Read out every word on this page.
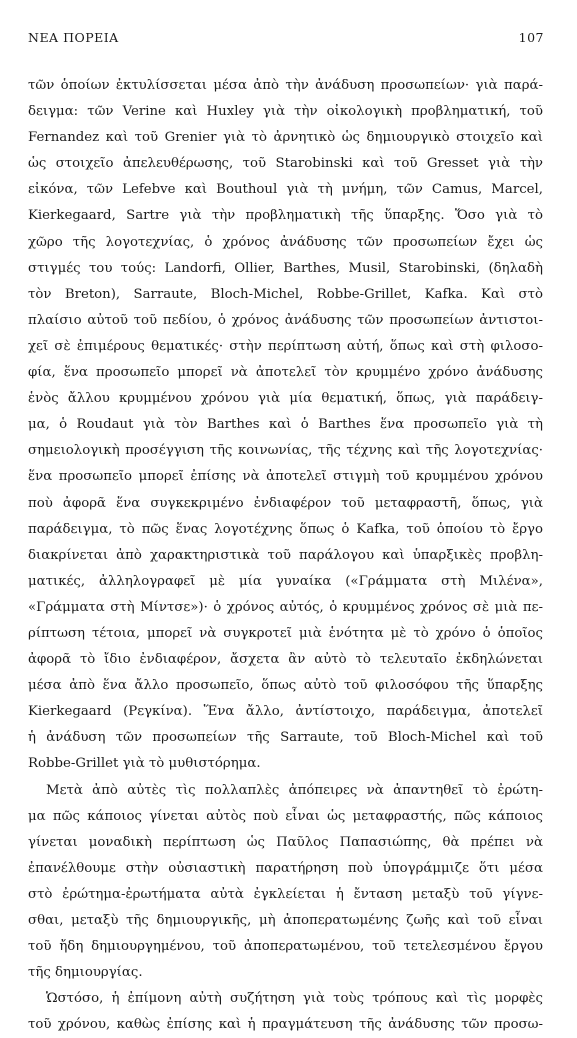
ΝΕΑ ΠΟΡΕΙΑ	107
τῶν ὁποίων ἐκτυλίσσεται μέσα ἀπὸ τὴν ἀνάδυση προσωπείων· γιὰ παρά-
δειγμα: τῶν Verine καὶ Huxley γιὰ τὴν οἰκολογικὴ προβληματική, τοῦ
Fernandez καὶ τοῦ Grenier γιὰ τὸ ἀρνητικὸ ὡς δημιουργικὸ στοιχεῖο καὶ
ὡς στοιχεῖο ἀπελευθέρωσης, τοῦ Starobinski καὶ τοῦ Gresset γιὰ τὴν
εἰκόνα, τῶν Lefebve καὶ Bouthoul γιὰ τὴ μνήμη, τῶν Camus, Marcel,
Kierkegaard, Sartre γιὰ τὴν προβληματικὴ τῆς ὕπαρξης. Ὅσο γιὰ τὸ
χῶρο τῆς λογοτεχνίας, ὁ χρόνος ἀνάδυσης τῶν προσωπείων ἔχει ὡς
στιγμές του τούς: Landorfi, Ollier, Barthes, Musil, Starobinski, (δηλαδὴ
τὸν Breton), Sarraute, Bloch-Michel, Robbe-Grillet, Kafka. Καὶ στὸ
πλαίσιο αὐτοῦ τοῦ πεδίου, ὁ χρόνος ἀνάδυσης τῶν προσωπείων ἀντιστοι-
χεῖ σὲ ἐπιμέρους θεματικές· στὴν περίπτωση αὐτή, ὅπως καὶ στὴ φιλοσο-
φία, ἕνα προσωπεῖο μπορεῖ νὰ ἀποτελεῖ τὸν κρυμμένο χρόνο ἀνάδυσης
ἑνὸς ἄλλου κρυμμένου χρόνου γιὰ μία θεματική, ὅπως, γιὰ παράδειγ-
μα, ὁ Roudaut γιὰ τὸν Barthes καὶ ὁ Barthes ἕνα προσωπεῖο γιὰ τὴ
σημειολογικὴ προσέγγιση τῆς κοινωνίας, τῆς τέχνης καὶ τῆς λογοτεχνίας·
ἕνα προσωπεῖο μπορεῖ ἐπίσης νὰ ἀποτελεῖ στιγμὴ τοῦ κρυμμένου χρόνου
ποὺ ἀφορᾶ ἕνα συγκεκριμένο ἐνδιαφέρον τοῦ μεταφραστῆ, ὅπως, γιὰ
παράδειγμα, τὸ πῶς ἕνας λογοτέχνης ὅπως ὁ Kafka, τοῦ ὁποίου τὸ ἔργο
διακρίνεται ἀπὸ χαρακτηριστικὰ τοῦ παράλογου καὶ ὑπαρξικὲς προβλη-
ματικές, ἀλληλογραφεῖ μὲ μία γυναίκα («Γράμματα στὴ Μιλένα»,
«Γράμματα στὴ Μίντσε»)· ὁ χρόνος αὐτός, ὁ κρυμμένος χρόνος σὲ μιὰ πε-
ρίπτωση τέτοια, μπορεῖ νὰ συγκροτεῖ μιὰ ἑνότητα μὲ τὸ χρόνο ὁ ὁποῖος
ἀφορᾶ τὸ ἴδιο ἐνδιαφέρον, ἄσχετα ἂν αὐτὸ τὸ τελευταῖο ἐκδηλώνεται
μέσα ἀπὸ ἕνα ἄλλο προσωπεῖο, ὅπως αὐτὸ τοῦ φιλοσόφου τῆς ὕπαρξης
Kierkegaard (Ρεγκίνα). Ἕνα ἄλλο, ἀντίστοιχο, παράδειγμα, ἀποτελεῖ
ἡ ἀνάδυση τῶν προσωπείων τῆς Sarraute, τοῦ Bloch-Michel καὶ τοῦ
Robbe-Grillet γιὰ τὸ μυθιστόρημα.
Μετὰ ἀπὸ αὐτὲς τὶς πολλαπλὲς ἀπόπειρες νὰ ἀπαντηθεῖ τὸ ἐρώτη-
μα πῶς κάποιος γίνεται αὐτὸς ποὺ εἶναι ὡς μεταφραστής, πῶς κάποιος
γίνεται μοναδικὴ περίπτωση ὡς Παῦλος Παπασιώπης, θὰ πρέπει νὰ
ἐπανέλθουμε στὴν οὐσιαστικὴ παρατήρηση ποὺ ὑπογράμμιζε ὅτι μέσα
στὸ ἐρώτημα-ἐρωτήματα αὐτὰ ἐγκλείεται ἡ ἔνταση μεταξὺ τοῦ γίγνε-
σθαι, μεταξὺ τῆς δημιουργικῆς, μὴ ἀποπερατωμένης ζωῆς καὶ τοῦ εἶναι
τοῦ ἤδη δημιουργημένου, τοῦ ἀποπερατωμένου, τοῦ τετελεσμένου ἔργου
τῆς δημιουργίας.
Ὡστόσο, ἡ ἐπίμονη αὐτὴ συζήτηση γιὰ τοὺς τρόπους καὶ τὶς μορφὲς
τοῦ χρόνου, καθὼς ἐπίσης καὶ ἡ πραγμάτευση τῆς ἀνάδυσης τῶν προσω-
